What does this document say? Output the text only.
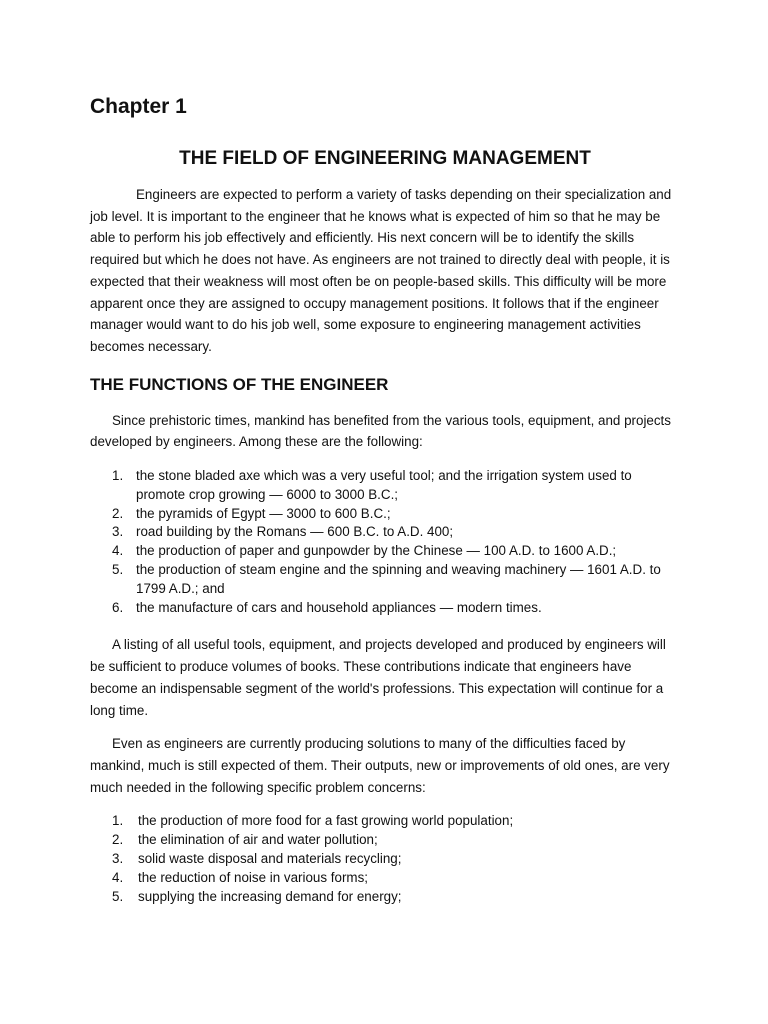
Chapter 1
THE FIELD OF ENGINEERING MANAGEMENT

Engineers are expected to perform a variety of tasks depending on their specialization and job level. It is important to the engineer that he knows what is expected of him so that he may be able to perform his job effectively and efficiently. His next concern will be to identify the skills required but which he does not have. As engineers are not trained to directly deal with people, it is expected that their weakness will most often be on people-based skills. This difficulty will be more apparent once they are assigned to occupy management positions. It follows that if the engineer manager would want to do his job well, some exposure to engineering management activities becomes necessary.

THE FUNCTIONS OF THE ENGINEER

Since prehistoric times, mankind has benefited from the various tools, equipment, and projects developed by engineers. Among these are the following:

1. the stone bladed axe which was a very useful tool; and the irrigation system used to promote crop growing — 6000 to 3000 B.C.;
2. the pyramids of Egypt — 3000 to 600 B.C.;
3. road building by the Romans — 600 B.C. to A.D. 400;
4. the production of paper and gunpowder by the Chinese — 100 A.D. to 1600 A.D.;
5. the production of steam engine and the spinning and weaving machinery — 1601 A.D. to 1799 A.D.; and
6. the manufacture of cars and household appliances — modern times.

A listing of all useful tools, equipment, and projects developed and produced by engineers will be sufficient to produce volumes of books. These contributions indicate that engineers have become an indispensable segment of the world's professions. This expectation will continue for a long time.

Even as engineers are currently producing solutions to many of the difficulties faced by mankind, much is still expected of them. Their outputs, new or improvements of old ones, are very much needed in the following specific problem concerns:

1. the production of more food for a fast growing world population;
2. the elimination of air and water pollution;
3. solid waste disposal and materials recycling;
4. the reduction of noise in various forms;
5. supplying the increasing demand for energy;
